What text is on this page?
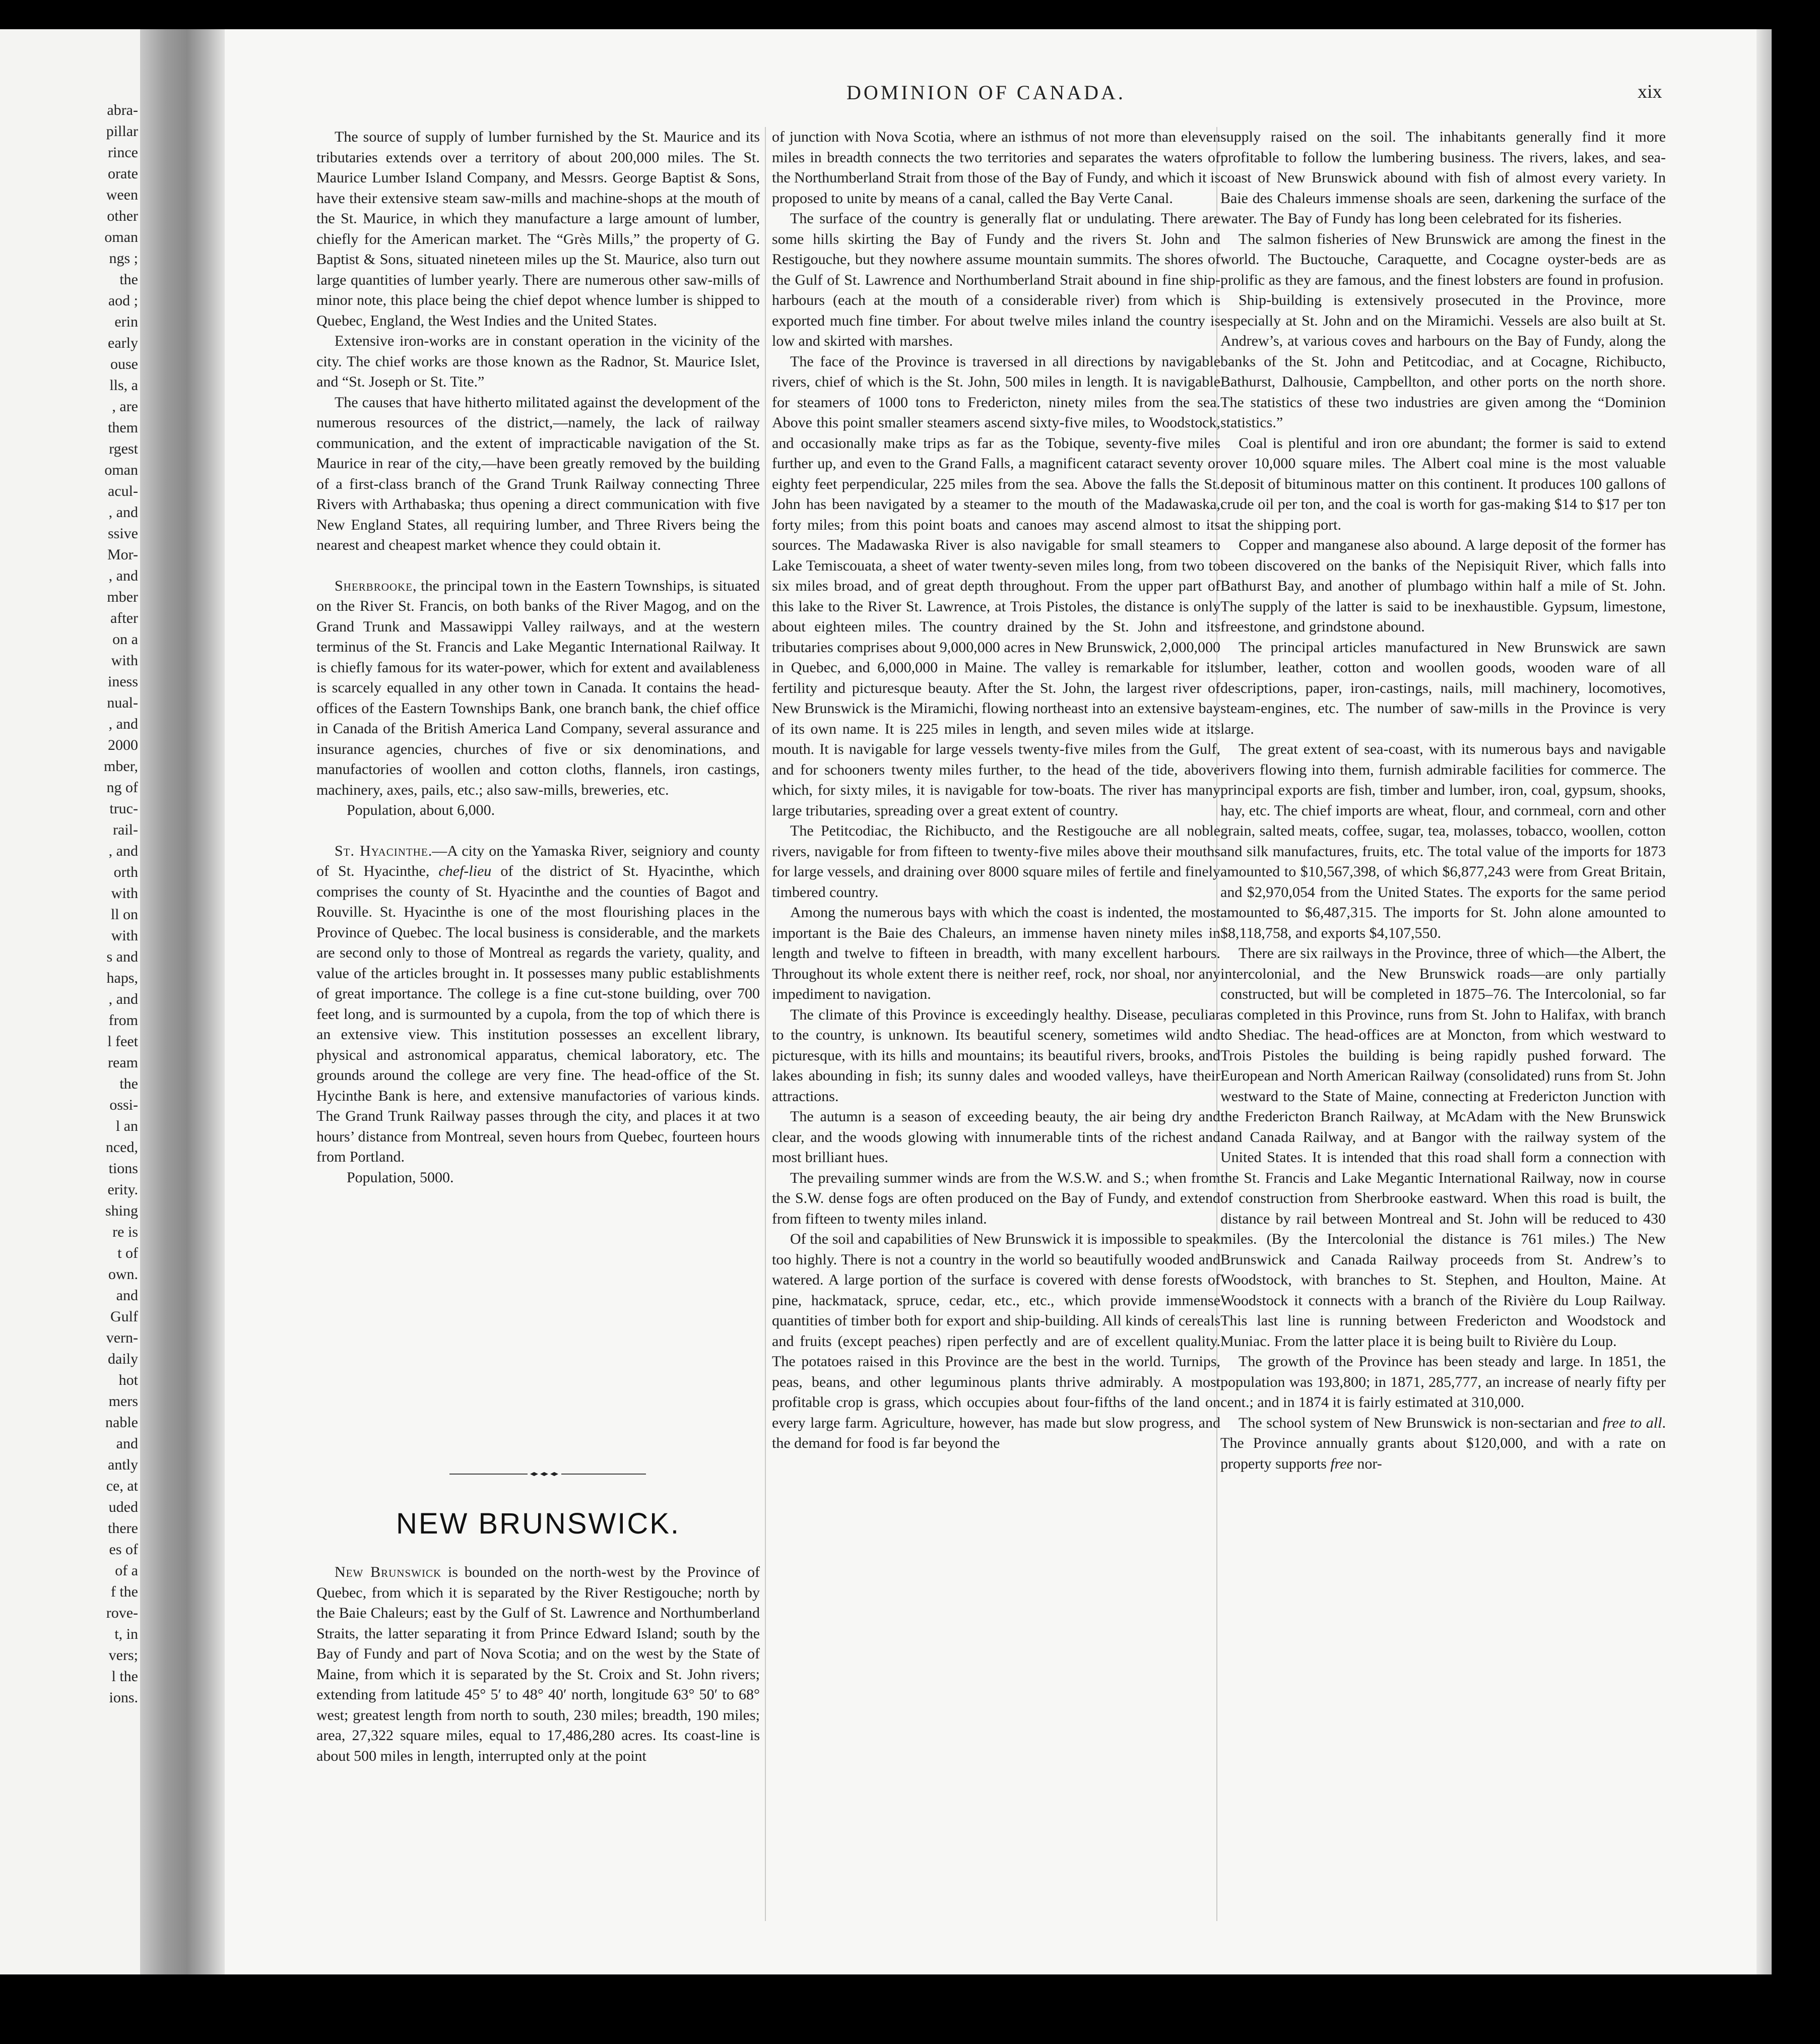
abra-
pillar
rince
orate
ween
other
oman
ngs ;
the
aod ;
erin
early
ouse
lls, a
, are
them
rgest
oman
acul-
, and
ssive
Mor-
, and
mber
after
on a
with
iness
nual-
, and
2000
mber,
ng of
truc-
rail-
, and
orth
with
ll on
with
s and
haps,
, and
from
l feet
ream
the
ossi-
l an
nced,
tions
erity.
shing
re is
t of
own.
and
Gulf
vern-
daily
hot
mers
nable
and
antly
ce, at
uded
there
es of
of a
f the
rove-
t, in
vers;
l the
ions.
DOMINION OF CANADA.	xix

The source of supply of lumber furnished by the St. Maurice and its tributaries extends over a territory of about 200,000 miles. The St. Maurice Lumber Island Company, and Messrs. George Baptist & Sons, have their extensive steam saw-mills and machine-shops at the mouth of the St. Maurice, in which they manufacture a large amount of lumber, chiefly for the American market. The “Grès Mills,” the property of G. Baptist & Sons, situated nineteen miles up the St. Maurice, also turn out large quantities of lumber yearly. There are numerous other saw-mills of minor note, this place being the chief depot whence lumber is shipped to Quebec, England, the West Indies and the United States.

Extensive iron-works are in constant operation in the vicinity of the city. The chief works are those known as the Radnor, St. Maurice Islet, and “St. Joseph or St. Tite.”

The causes that have hitherto militated against the development of the numerous resources of the district,—namely, the lack of railway communication, and the extent of impracticable navigation of the St. Maurice in rear of the city,—have been greatly removed by the building of a first-class branch of the Grand Trunk Railway connecting Three Rivers with Arthabaska; thus opening a direct communication with five New England States, all requiring lumber, and Three Rivers being the nearest and cheapest market whence they could obtain it.

Sherbrooke, the principal town in the Eastern Townships, is situated on the River St. Francis, on both banks of the River Magog, and on the Grand Trunk and Massawippi Valley railways, and at the western terminus of the St. Francis and Lake Megantic International Railway. It is chiefly famous for its water-power, which for extent and availableness is scarcely equalled in any other town in Canada. It contains the head-offices of the Eastern Townships Bank, one branch bank, the chief office in Canada of the British America Land Company, several assurance and insurance agencies, churches of five or six denominations, and manufactories of woollen and cotton cloths, flannels, iron castings, machinery, axes, pails, etc.; also saw-mills, breweries, etc.

Population, about 6,000.

St. Hyacinthe.—A city on the Yamaska River, seigniory and county of St. Hyacinthe, chef-lieu of the district of St. Hyacinthe, which comprises the county of St. Hyacinthe and the counties of Bagot and Rouville. St. Hyacinthe is one of the most flourishing places in the Province of Quebec. The local business is considerable, and the markets are second only to those of Montreal as regards the variety, quality, and value of the articles brought in. It possesses many public establishments of great importance. The college is a fine cut-stone building, over 700 feet long, and is surmounted by a cupola, from the top of which there is an extensive view. This institution possesses an excellent library, physical and astronomical apparatus, chemical laboratory, etc. The grounds around the college are very fine. The head-office of the St. Hycinthe Bank is here, and extensive manufactories of various kinds. The Grand Trunk Railway passes through the city, and places it at two hours’ distance from Montreal, seven hours from Quebec, fourteen hours from Portland.

Population, 5000.

NEW BRUNSWICK.

New Brunswick is bounded on the north-west by the Province of Quebec, from which it is separated by the River Restigouche; north by the Baie Chaleurs; east by the Gulf of St. Lawrence and Northumberland Straits, the latter separating it from Prince Edward Island; south by the Bay of Fundy and part of Nova Scotia; and on the west by the State of Maine, from which it is separated by the St. Croix and St. John rivers; extending from latitude 45° 5′ to 48° 40′ north, longitude 63° 50′ to 68° west; greatest length from north to south, 230 miles; breadth, 190 miles; area, 27,322 square miles, equal to 17,486,280 acres. Its coast-line is about 500 miles in length, interrupted only at the point

of junction with Nova Scotia, where an isthmus of not more than eleven miles in breadth connects the two territories and separates the waters of the Northumberland Strait from those of the Bay of Fundy, and which it is proposed to unite by means of a canal, called the Bay Verte Canal.

The surface of the country is generally flat or undulating. There are some hills skirting the Bay of Fundy and the rivers St. John and Restigouche, but they nowhere assume mountain summits. The shores of the Gulf of St. Lawrence and Northumberland Strait abound in fine ship-harbours (each at the mouth of a considerable river) from which is exported much fine timber. For about twelve miles inland the country is low and skirted with marshes.

The face of the Province is traversed in all directions by navigable rivers, chief of which is the St. John, 500 miles in length. It is navigable for steamers of 1000 tons to Fredericton, ninety miles from the sea. Above this point smaller steamers ascend sixty-five miles, to Woodstock, and occasionally make trips as far as the Tobique, seventy-five miles further up, and even to the Grand Falls, a magnificent cataract seventy or eighty feet perpendicular, 225 miles from the sea. Above the falls the St. John has been navigated by a steamer to the mouth of the Madawaska, forty miles; from this point boats and canoes may ascend almost to its sources. The Madawaska River is also navigable for small steamers to Lake Temiscouata, a sheet of water twenty-seven miles long, from two to six miles broad, and of great depth throughout. From the upper part of this lake to the River St. Lawrence, at Trois Pistoles, the distance is only about eighteen miles. The country drained by the St. John and its tributaries comprises about 9,000,000 acres in New Brunswick, 2,000,000 in Quebec, and 6,000,000 in Maine. The valley is remarkable for its fertility and picturesque beauty. After the St. John, the largest river of New Brunswick is the Miramichi, flowing northeast into an extensive bay of its own name. It is 225 miles in length, and seven miles wide at its mouth. It is navigable for large vessels twenty-five miles from the Gulf, and for schooners twenty miles further, to the head of the tide, above which, for sixty miles, it is navigable for tow-boats. The river has many large tributaries, spreading over a great extent of country.

The Petitcodiac, the Richibucto, and the Restigouche are all noble rivers, navigable for from fifteen to twenty-five miles above their mouths for large vessels, and draining over 8000 square miles of fertile and finely timbered country.

Among the numerous bays with which the coast is indented, the most important is the Baie des Chaleurs, an immense haven ninety miles in length and twelve to fifteen in breadth, with many excellent harbours. Throughout its whole extent there is neither reef, rock, nor shoal, nor any impediment to navigation.

The climate of this Province is exceedingly healthy. Disease, peculiar to the country, is unknown. Its beautiful scenery, sometimes wild and picturesque, with its hills and mountains; its beautiful rivers, brooks, and lakes abounding in fish; its sunny dales and wooded valleys, have their attractions.

The autumn is a season of exceeding beauty, the air being dry and clear, and the woods glowing with innumerable tints of the richest and most brilliant hues.

The prevailing summer winds are from the W.S.W. and S.; when from the S.W. dense fogs are often produced on the Bay of Fundy, and extend from fifteen to twenty miles inland.

Of the soil and capabilities of New Brunswick it is impossible to speak too highly. There is not a country in the world so beautifully wooded and watered. A large portion of the surface is covered with dense forests of pine, hackmatack, spruce, cedar, etc., etc., which provide immense quantities of timber both for export and ship-building. All kinds of cereals and fruits (except peaches) ripen perfectly and are of excellent quality. The potatoes raised in this Province are the best in the world. Turnips, peas, beans, and other leguminous plants thrive admirably. A most profitable crop is grass, which occupies about four-fifths of the land on every large farm. Agriculture, however, has made but slow progress, and the demand for food is far beyond the

supply raised on the soil. The inhabitants generally find it more profitable to follow the lumbering business. The rivers, lakes, and sea-coast of New Brunswick abound with fish of almost every variety. In Baie des Chaleurs immense shoals are seen, darkening the surface of the water. The Bay of Fundy has long been celebrated for its fisheries.

The salmon fisheries of New Brunswick are among the finest in the world. The Buctouche, Caraquette, and Cocagne oyster-beds are as prolific as they are famous, and the finest lobsters are found in profusion.

Ship-building is extensively prosecuted in the Province, more especially at St. John and on the Miramichi. Vessels are also built at St. Andrew’s, at various coves and harbours on the Bay of Fundy, along the banks of the St. John and Petitcodiac, and at Cocagne, Richibucto, Bathurst, Dalhousie, Campbellton, and other ports on the north shore. The statistics of these two industries are given among the “Dominion statistics.”

Coal is plentiful and iron ore abundant; the former is said to extend over 10,000 square miles. The Albert coal mine is the most valuable deposit of bituminous matter on this continent. It produces 100 gallons of crude oil per ton, and the coal is worth for gas-making $14 to $17 per ton at the shipping port.

Copper and manganese also abound. A large deposit of the former has been discovered on the banks of the Nepisiquit River, which falls into Bathurst Bay, and another of plumbago within half a mile of St. John. The supply of the latter is said to be inexhaustible. Gypsum, limestone, freestone, and grindstone abound.

The principal articles manufactured in New Brunswick are sawn lumber, leather, cotton and woollen goods, wooden ware of all descriptions, paper, iron-castings, nails, mill machinery, locomotives, steam-engines, etc. The number of saw-mills in the Province is very large.

The great extent of sea-coast, with its numerous bays and navigable rivers flowing into them, furnish admirable facilities for commerce. The principal exports are fish, timber and lumber, iron, coal, gypsum, shooks, hay, etc. The chief imports are wheat, flour, and cornmeal, corn and other grain, salted meats, coffee, sugar, tea, molasses, tobacco, woollen, cotton and silk manufactures, fruits, etc. The total value of the imports for 1873 amounted to $10,567,398, of which $6,877,243 were from Great Britain, and $2,970,054 from the United States. The exports for the same period amounted to $6,487,315. The imports for St. John alone amounted to $8,118,758, and exports $4,107,550.

There are six railways in the Province, three of which—the Albert, the intercolonial, and the New Brunswick roads—are only partially constructed, but will be completed in 1875–76. The Intercolonial, so far as completed in this Province, runs from St. John to Halifax, with branch to Shediac. The head-offices are at Moncton, from which westward to Trois Pistoles the building is being rapidly pushed forward. The European and North American Railway (consolidated) runs from St. John westward to the State of Maine, connecting at Fredericton Junction with the Fredericton Branch Railway, at McAdam with the New Brunswick and Canada Railway, and at Bangor with the railway system of the United States. It is intended that this road shall form a connection with the St. Francis and Lake Megantic International Railway, now in course of construction from Sherbrooke eastward. When this road is built, the distance by rail between Montreal and St. John will be reduced to 430 miles. (By the Intercolonial the distance is 761 miles.) The New Brunswick and Canada Railway proceeds from St. Andrew’s to Woodstock, with branches to St. Stephen, and Houlton, Maine. At Woodstock it connects with a branch of the Rivière du Loup Railway. This last line is running between Fredericton and Woodstock and Muniac. From the latter place it is being built to Rivière du Loup.

The growth of the Province has been steady and large. In 1851, the population was 193,800; in 1871, 285,777, an increase of nearly fifty per cent.; and in 1874 it is fairly estimated at 310,000.

The school system of New Brunswick is non-sectarian and free to all. The Province annually grants about $120,000, and with a rate on property supports free nor-
